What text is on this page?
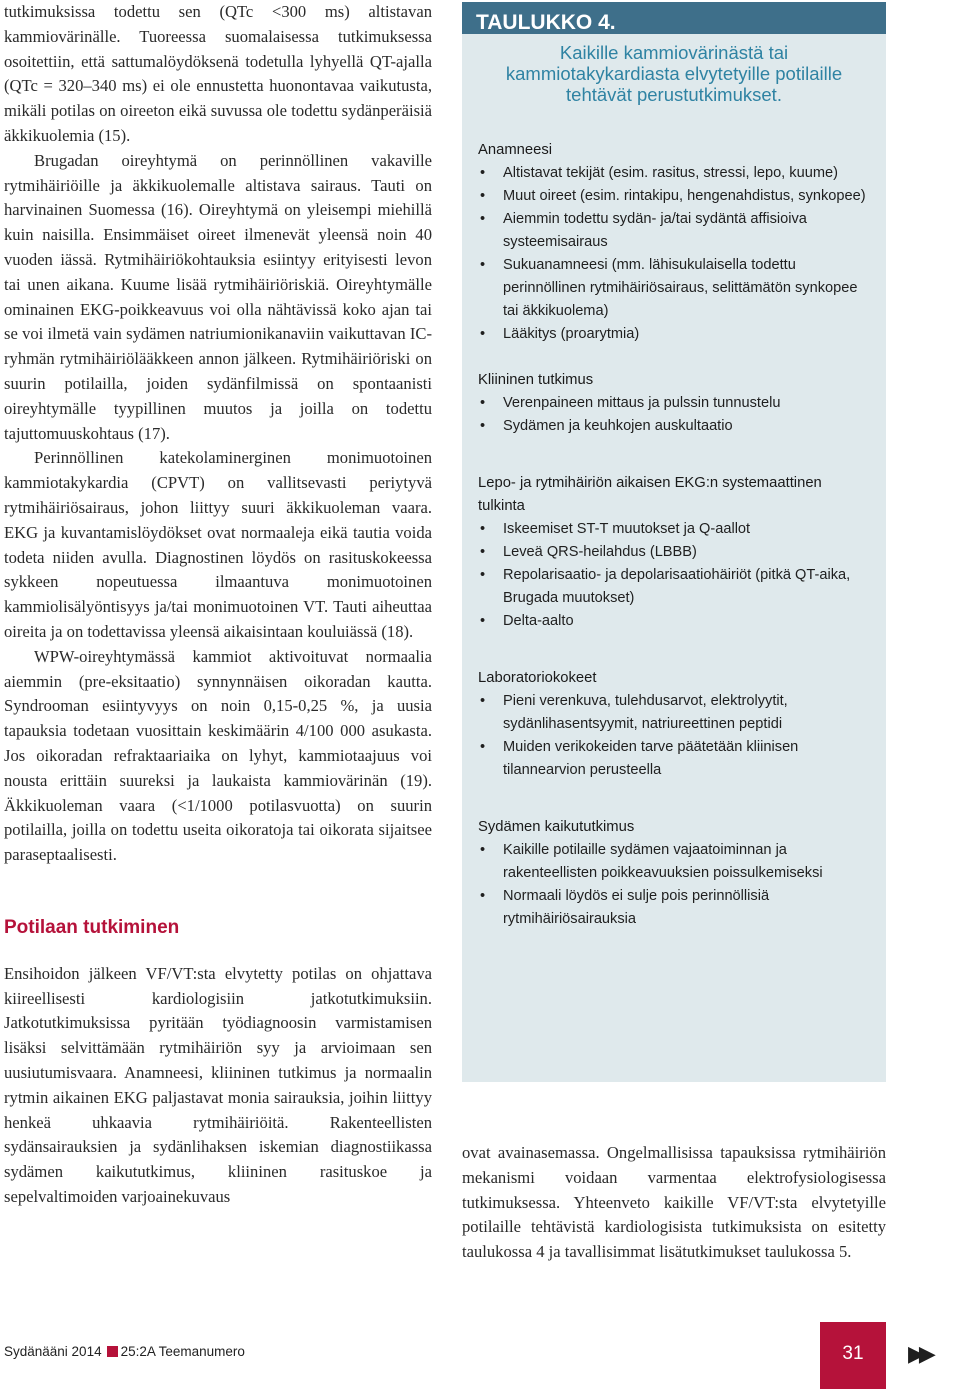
tutkimuksissa todettu sen (QTc <300 ms) altistavan kammiovärinälle. Tuoreessa suomalaisessa tutkimuksessa osoitettiin, että sattumalöydöksenä todetulla lyhyellä QT-ajalla (QTc = 320–340 ms) ei ole ennustetta huonontavaa vaikutusta, mikäli potilas on oireeton eikä suvussa ole todettu sydänperäisiä äkkikuolemia (15).

Brugadan oireyhtymä on perinnöllinen vakaville rytmihäiriöille ja äkkikuolemalle altistava sairaus. Tauti on harvinainen Suomessa (16). Oireyhtymä on yleisempi miehillä kuin naisilla. Ensimmäiset oireet ilmenevät yleensä noin 40 vuoden iässä. Rytmihäiriökohtauksia esiintyy erityisesti levon tai unen aikana. Kuume lisää rytmihäiriöriskiä. Oireyhtymälle ominainen EKG-poikkeavuus voi olla nähtävissä koko ajan tai se voi ilmetä vain sydämen natriumionikanaviin vaikuttavan IC-ryhmän rytmihäiriölääkkeen annon jälkeen. Rytmihäiriöriski on suurin potilailla, joiden sydänfilmissä on spontaanisti oireyhtymälle tyypillinen muutos ja joilla on todettu tajuttomuuskohtaus (17).

Perinnöllinen katekolaminerginen monimuotoinen kammiotakykardia (CPVT) on vallitsevasti periytyvä rytmihäiriösairaus, johon liittyy suuri äkkikuoleman vaara. EKG ja kuvantamislöydökset ovat normaaleja eikä tautia voida todeta niiden avulla. Diagnostinen löydös on rasituskokeessa sykkeen nopeutuessa ilmaantuva monimuotoinen kammiolisälyöntisyys ja/tai monimuotoinen VT. Tauti aiheuttaa oireita ja on todettavissa yleensä aikaisintaan kouluiässä (18).

WPW-oireyhtymässä kammiot aktivoituvat normaalia aiemmin (pre-eksitaatio) synnynnäisen oikoradan kautta. Syndrooman esiintyvyys on noin 0,15-0,25 %, ja uusia tapauksia todetaan vuosittain keskimäärin 4/100 000 asukasta. Jos oikoradan refraktaariaika on lyhyt, kammiotaajuus voi nousta erittäin suureksi ja laukaista kammiovärinän (19). Äkkikuoleman vaara (<1/1000 potilasvuotta) on suurin potilailla, joilla on todettu useita oikoratoja tai oikorata sijaitsee paraseptaalisesti.

Potilaan tutkiminen

Ensihoidon jälkeen VF/VT:sta elvytetty potilas on ohjattava kiireellisesti kardiologisiin jatkotutkimuksiin. Jatkotutkimuksissa pyritään työdiagnoosin varmistamisen lisäksi selvittämään rytmihäiriön syy ja arvioimaan sen uusiutumisvaara. Anamneesi, kliininen tutkimus ja normaalin rytmin aikainen EKG paljastavat monia sairauksia, joihin liittyy henkeä uhkaavia rytmihäiriöitä. Rakenteellisten sydänsairauksien ja sydänlihaksen iskemian diagnostiikassa sydämen kaikututkimus, kliininen rasituskoe ja sepelvaltimoiden varjoainekuvaus

TAULUKKO 4.
Kaikille kammiovärinästä tai kammiotakykardiasta elvytetyille potilaille tehtävät perustutkimukset.
Anamneesi
• Altistavat tekijät (esim. rasitus, stressi, lepo, kuume)
• Muut oireet (esim. rintakipu, hengenahdistus, synkopee)
• Aiemmin todettu sydän- ja/tai sydäntä affisioiva systeemisairaus
• Sukuanamneesi (mm. lähisukulaisella todettu perinnöllinen rytmihäiriösairaus, selittämätön synkopee tai äkkikuolema)
• Lääkitys (proarytmia)
Kliininen tutkimus
• Verenpaineen mittaus ja pulssin tunnustelu
• Sydämen ja keuhkojen auskultaatio
Lepo- ja rytmihäiriön aikaisen EKG:n systemaattinen tulkinta
• Iskeemiset ST-T muutokset ja Q-aallot
• Leveä QRS-heilahdus (LBBB)
• Repolarisaatio- ja depolarisaatiohäiriöt (pitkä QT-aika, Brugada muutokset)
• Delta-aalto
Laboratoriokokeet
• Pieni verenkuva, tulehdusarvot, elektrolyytit, sydänlihasentsyymit, natriureettinen peptidi
• Muiden verikokeiden tarve päätetään kliinisen tilannearvion perusteella
Sydämen kaikututkimus
• Kaikille potilaille sydämen vajaatoiminnan ja rakenteellisten poikkeavuuksien poissulkemiseksi
• Normaali löydös ei sulje pois perinnöllisiä rytmihäiriösairauksia

ovat avainasemassa. Ongelmallisissa tapauksissa rytmihäiriön mekanismi voidaan varmentaa elektrofysiologisessa tutkimuksessa. Yhteenveto kaikille VF/VT:sta elvytetyille potilaille tehtävistä kardiologisista tutkimuksista on esitetty taulukossa 4 ja tavallisimmat lisätutkimukset taulukossa 5.

Sydänääni 2014 25:2A Teemanumero	31	▶▶
